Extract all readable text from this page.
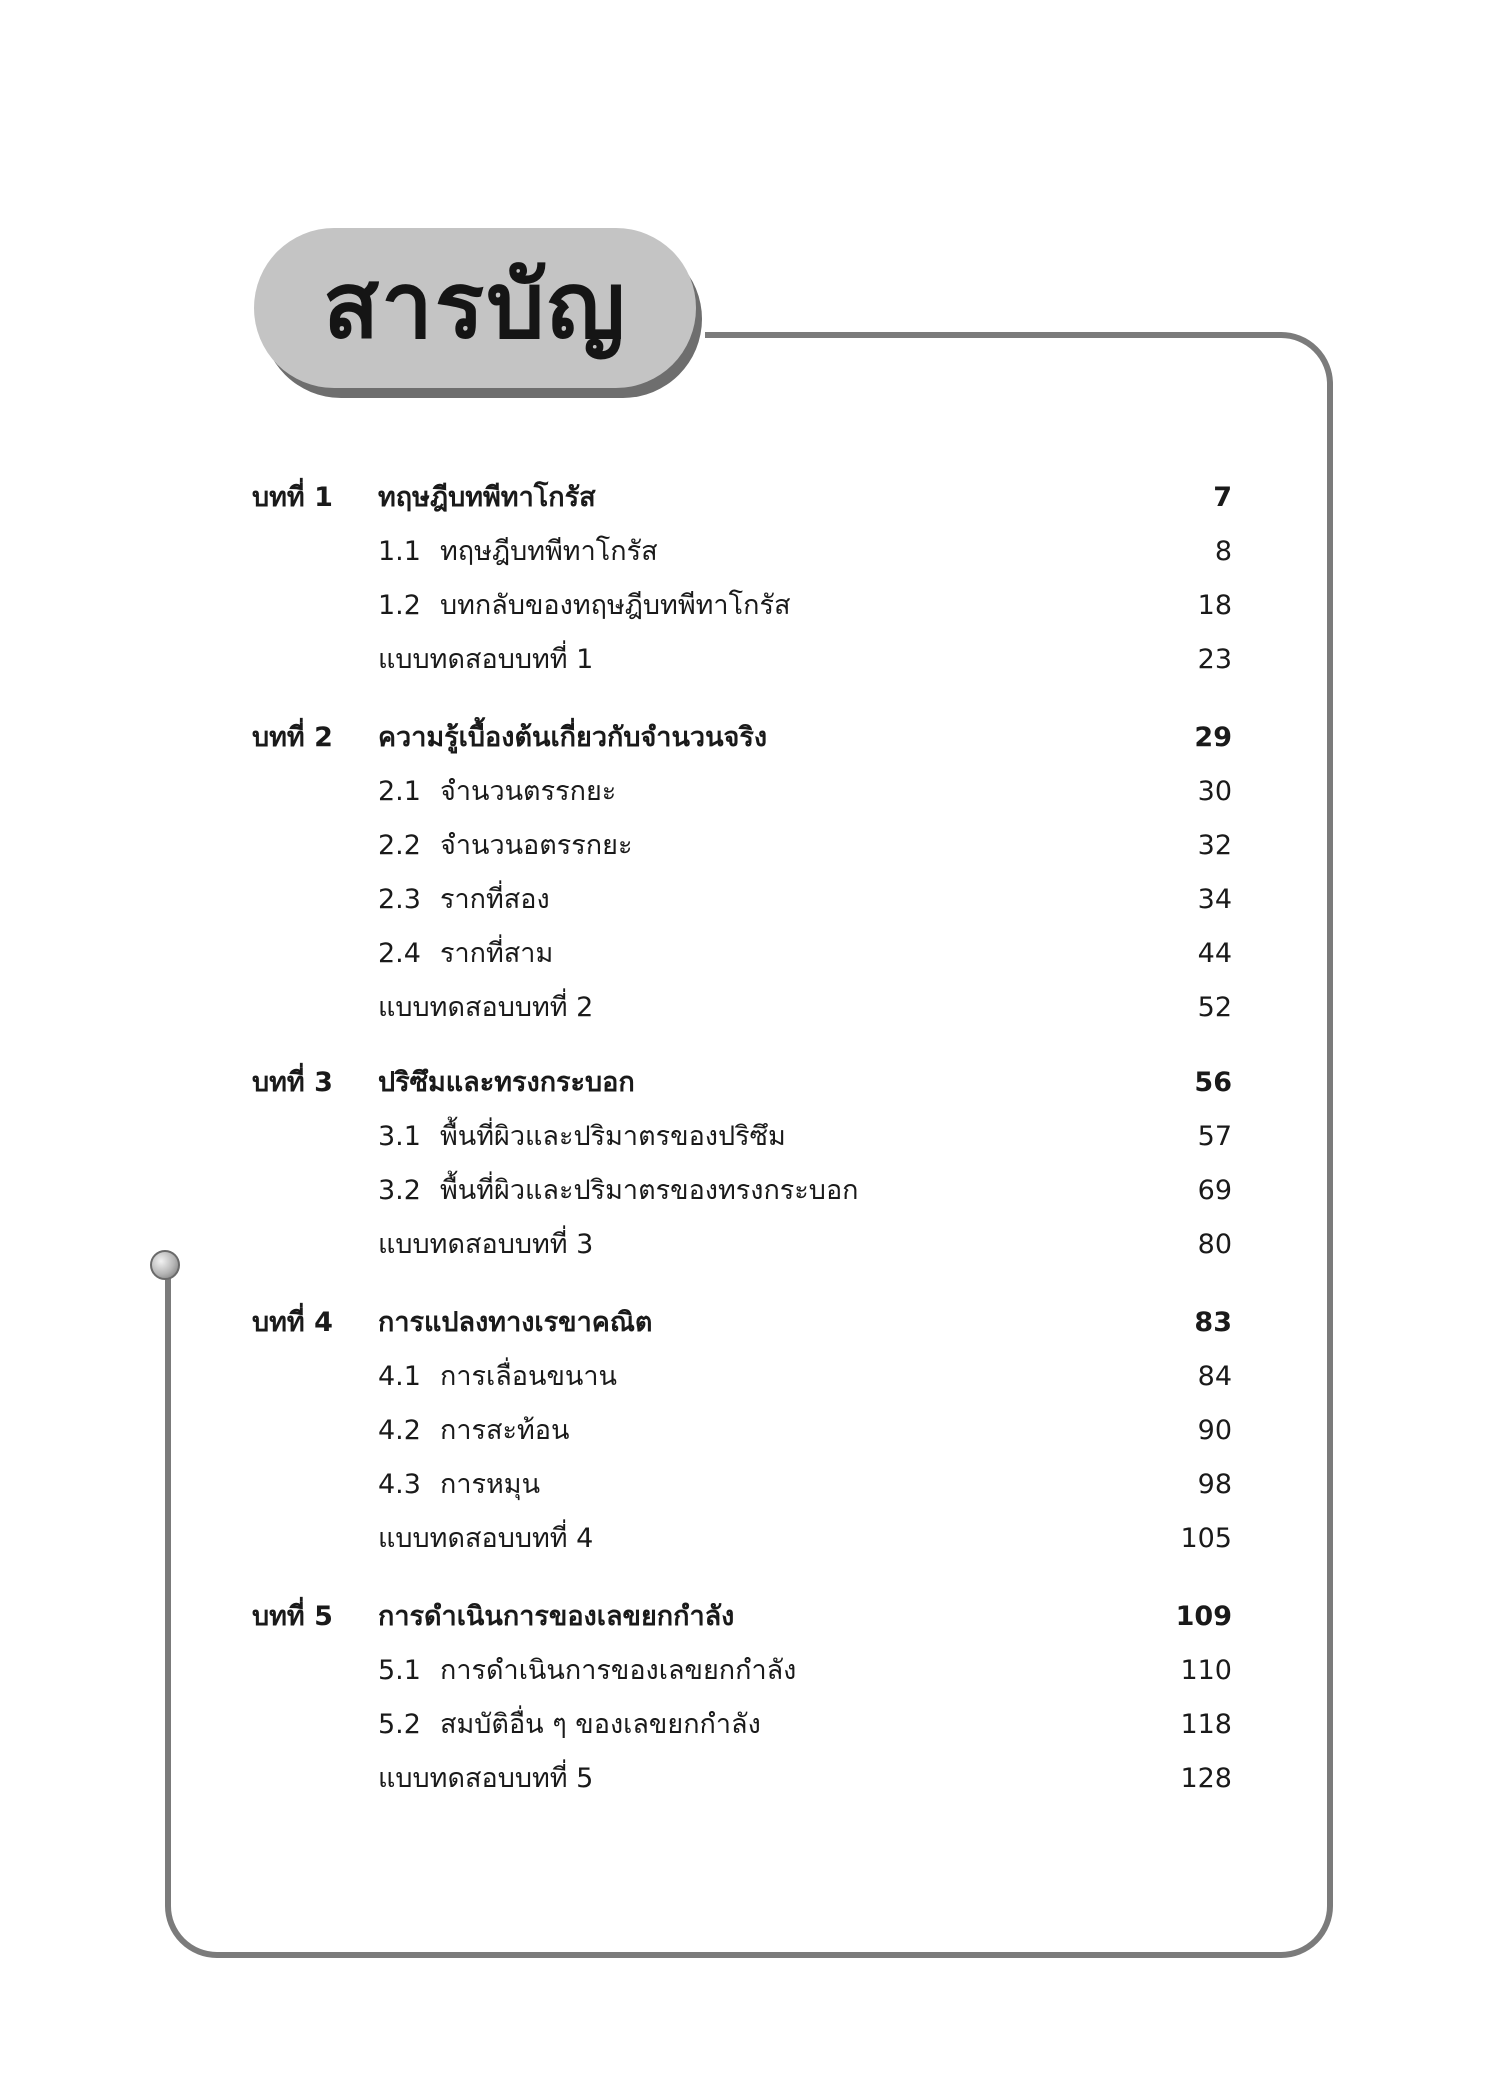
สารบัญ
บทที่ 1 ทฤษฎีบทพีทาโกรัส	7
1.1 ทฤษฎีบทพีทาโกรัส	8
1.2 บทกลับของทฤษฎีบทพีทาโกรัส	18
แบบทดสอบบทที่ 1	23
บทที่ 2 ความรู้เบื้องต้นเกี่ยวกับจำนวนจริง	29
2.1 จำนวนตรรกยะ	30
2.2 จำนวนอตรรกยะ	32
2.3 รากที่สอง	34
2.4 รากที่สาม	44
แบบทดสอบบทที่ 2	52
บทที่ 3 ปริซึมและทรงกระบอก	56
3.1 พื้นที่ผิวและปริมาตรของปริซึม	57
3.2 พื้นที่ผิวและปริมาตรของทรงกระบอก	69
แบบทดสอบบทที่ 3	80
บทที่ 4 การแปลงทางเรขาคณิต	83
4.1 การเลื่อนขนาน	84
4.2 การสะท้อน	90
4.3 การหมุน	98
แบบทดสอบบทที่ 4	105
บทที่ 5 การดำเนินการของเลขยกกำลัง	109
5.1 การดำเนินการของเลขยกกำลัง	110
5.2 สมบัติอื่น ๆ ของเลขยกกำลัง	118
แบบทดสอบบทที่ 5	128
